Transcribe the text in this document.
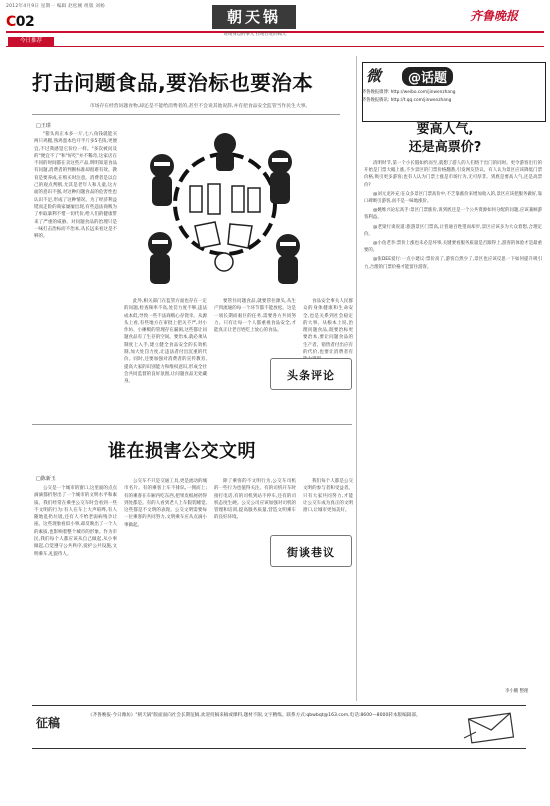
2012年4月9日 星期一 编辑 赵松刚 组版 刘杨
C02
今日推荐
朝天锅
说咱身边的事儿 拉咱百姓的呱儿
齐鲁晚报
打击问题食品,要治标也要治本
市场存在经营问题食物,却还是不能给消费者的,甚至不会说其他说辞,并有把食品安全监管当作民生大事。
□王璟

"猪头肉正本多一斤,七八角钱就能买两只鸡腿,熟鸡蛋本色开半斤多5毛钱,更便宜,不过我感觉它价位一样。"多次被问及的"便宜不了"和"好吃"并不稀奇,这家店在不同的时间都在卖这些产品,明明知道食品有问题,消费者的判断标准却很难有效。教育是要养成,在购买时注意。消费者是以自己的观点判断,尤其是老年人和儿童,这方面的意识不强,对这种问题食品的危害性也认识不足,形成了这种情况。为了经济利益铤而走险的商家屡屡出现,有些违法商贩为了牟取暴利不惜一切代价,给人们的健康带来了严重的威胁。对问题食品的治理只是一味打击治标而不治本,从长远来看这是不够的。

此外,相关部门在监管方面也存在一定的问题,检查频率不高,处罚力度不够,违法成本低,导致一些不法商贩心存侥幸。从源头上看,有些地方在审批上把关不严,对小作坊、小摊贩的管理存在漏洞,这些都让问题食品有了生存的空间。要治本,就必须从制度上入手,建立健全食品安全的长效机制,加大处罚力度,让违法者付出沉重的代价。同时,还要加强对消费者的宣传教育,提高大家的识别能力和维权意识,形成全社会共同监督的良好氛围,让问题食品无处藏身。

要管住问题食品,就要管住源头,从生产到流通的每一个环节都不能放松。这是一项长期而艰巨的任务,需要各方共同努力。只有让每一个人都重视食品安全,才能真正让老百姓吃上放心的食品。

食品安全事关人民群众的身体健康和生命安全,也是关系到社会稳定的大事。从根本上说,治理问题食品,既要治标更要治本,要让问题食品的生产者、销售者付出应有的代价,也要让消费者有

头条评论
谁在损害公交文明
□陈新玉

公交是一个城市的窗口,这里面的点点滴滴都折射出了一个城市的文明水平和素质。我们经常在乘坐公交车时会看到一些不文明的行为:有人在车上大声喧哗,有人随地乱扔垃圾,还有人不给老弱病残孕让座。这些现象看似小事,却反映出了一个人的素质,也影响着整个城市的形象。作为市民,我们每个人都应该从自己做起,从小事做起,自觉遵守公共秩序,爱护公共设施,文明乘车,礼貌待人。

公交车不只是交通工具,更是流动的城市名片。有的乘客上车不排队,一拥而上;有的乘客在车厢内吃东西,把果皮纸屑扔得到处都是。有的人看到老人上车假装睡觉,这些都是不文明的表现。公交文明需要每一位乘客的共同努力,文明乘车应从点滴小事做起。

除了乘客的不文明行为,公交车司机的一些行为也值得关注。有的司机开车时接打电话,有的司机到站不停车,还有的司机态度生硬。公交公司应该加强对司机的管理和培训,提高服务质量,营造文明乘车的良好环境。

我们每个人都是公交文明的参与者和受益者。只有大家共同努力,才能让公交车成为真正的文明窗口,让城市更加美好。

街谈巷议
微	@话题
齐鲁晚报微博: http://weibo.com/jinwenzhang
齐鲁晚报腾讯: http://t.qq.com/jinwenzhang
要高人气,
还是高票价?

清明时节,第一个小长假如约而至,就想了游人的人们络于出门的同时。更令游客出行的开始是门票大幅上涨,不少景区的门票价格翻番,引发网友热议。有人认为景区应该降低门票价格,吸引更多游客;也有人认为门票上涨是市场行为,无可厚非。到底是要高人气,还是高票价?

@刘元龙补充:在众多景区门票高价中,不乏靠涨价来增加收入的,景区应该把服务做好,靠口碑吸引游客,而不是一味地涨价。

@姚维兴论坛高手:景区门票涨价,说到底还是一个公共资源如何分配的问题,应该兼顾游客利益。

@老梁行谈说道:旅游景区门票高,让普通百姓望而却步,景区应该多为大众着想,合理定价。

@小鱼老李:票价上涨也未必是坏事,关键要看服务质量是否跟得上,游客的体验才是最重要的。

@张DEE爱行:一点小建议:票价高了,游客自然少了,景区也应该反思一下如何提升吸引力,合理的门票价格才能留住游客。

李小鹏 整理
征稿
《齐鲁晚报·今日潍坊》"朝天锅"版面面向社会长期征稿,欢迎投稿来稿或爆料,题材不限,文字精练。联系方式:qbwbqt@163.com,电话:8600—8000转本版编辑部。
